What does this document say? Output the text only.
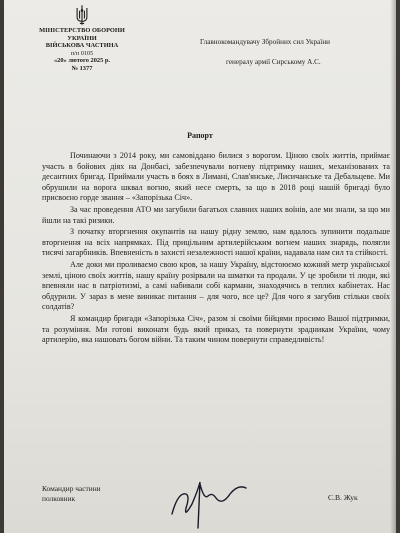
МІНІСТЕРСТВО ОБОРОНИ
УКРАЇНИ
ВІЙСЬКОВА ЧАСТИНА
п/п 0105
«20» лютого 2025 р.
№ 1377
Главнокомандувачу Збройних сил України
генералу армії Сирському А.С.
Рапорт

Починаючи з 2014 року, ми самовіддано билися з ворогом. Ціною своїх життів, приймає участь в бойових діях на Донбасі, забезпечували вогневу підтримку наших, механізованих та десантних бригад. Приймали участь в боях в Лимані, Слав'янське, Лисичанське та Дебальцеве. Ми обрушили на ворога шквал вогню, який несе смерть, за що в 2018 році нашій бригаді було присвоєно горде звання – «Запорізька Січ».

За час проведення АТО ми загубили багатьох славних наших воїнів, але ми знали, за що ми йшли на такі ризики.

З початку вторгнення окупантів на нашу рідну землю, нам вдалось зупинити подальше вторгнення на всіх напрямках. Під прицільним артилерійським вогнем наших знарядь, полягли тисячі загарбників. Впевненість в захисті незалежності нашої країни, надавала нам сил та стійкості.

Але доки ми проливаємо свою кров, за нашу Україну, відстоюємо кожний метр української землі, ціною своїх життів, нашу країну розірвали на шматки та продали. У це зробили ті люди, які впевняли нас в патріотизмі, а самі набивали собі кармани, знаходячись в теплих кабінетах. Нас обдурили. У зараз в мене виникає питання – для чого, все це? Для чого я загубив стільки своїх солдатів?

Я командир бригади «Запорізька Січ», разом зі своїми бійцями просимо Вашої підтримки, та розуміння. Ми готові виконати будь який приказ, та повернути зрадникам України, чому артилерію, яка нашовать богом війни. Та таким чином повернути справедливість!

Командир частини
полковник	С.В. Жук
